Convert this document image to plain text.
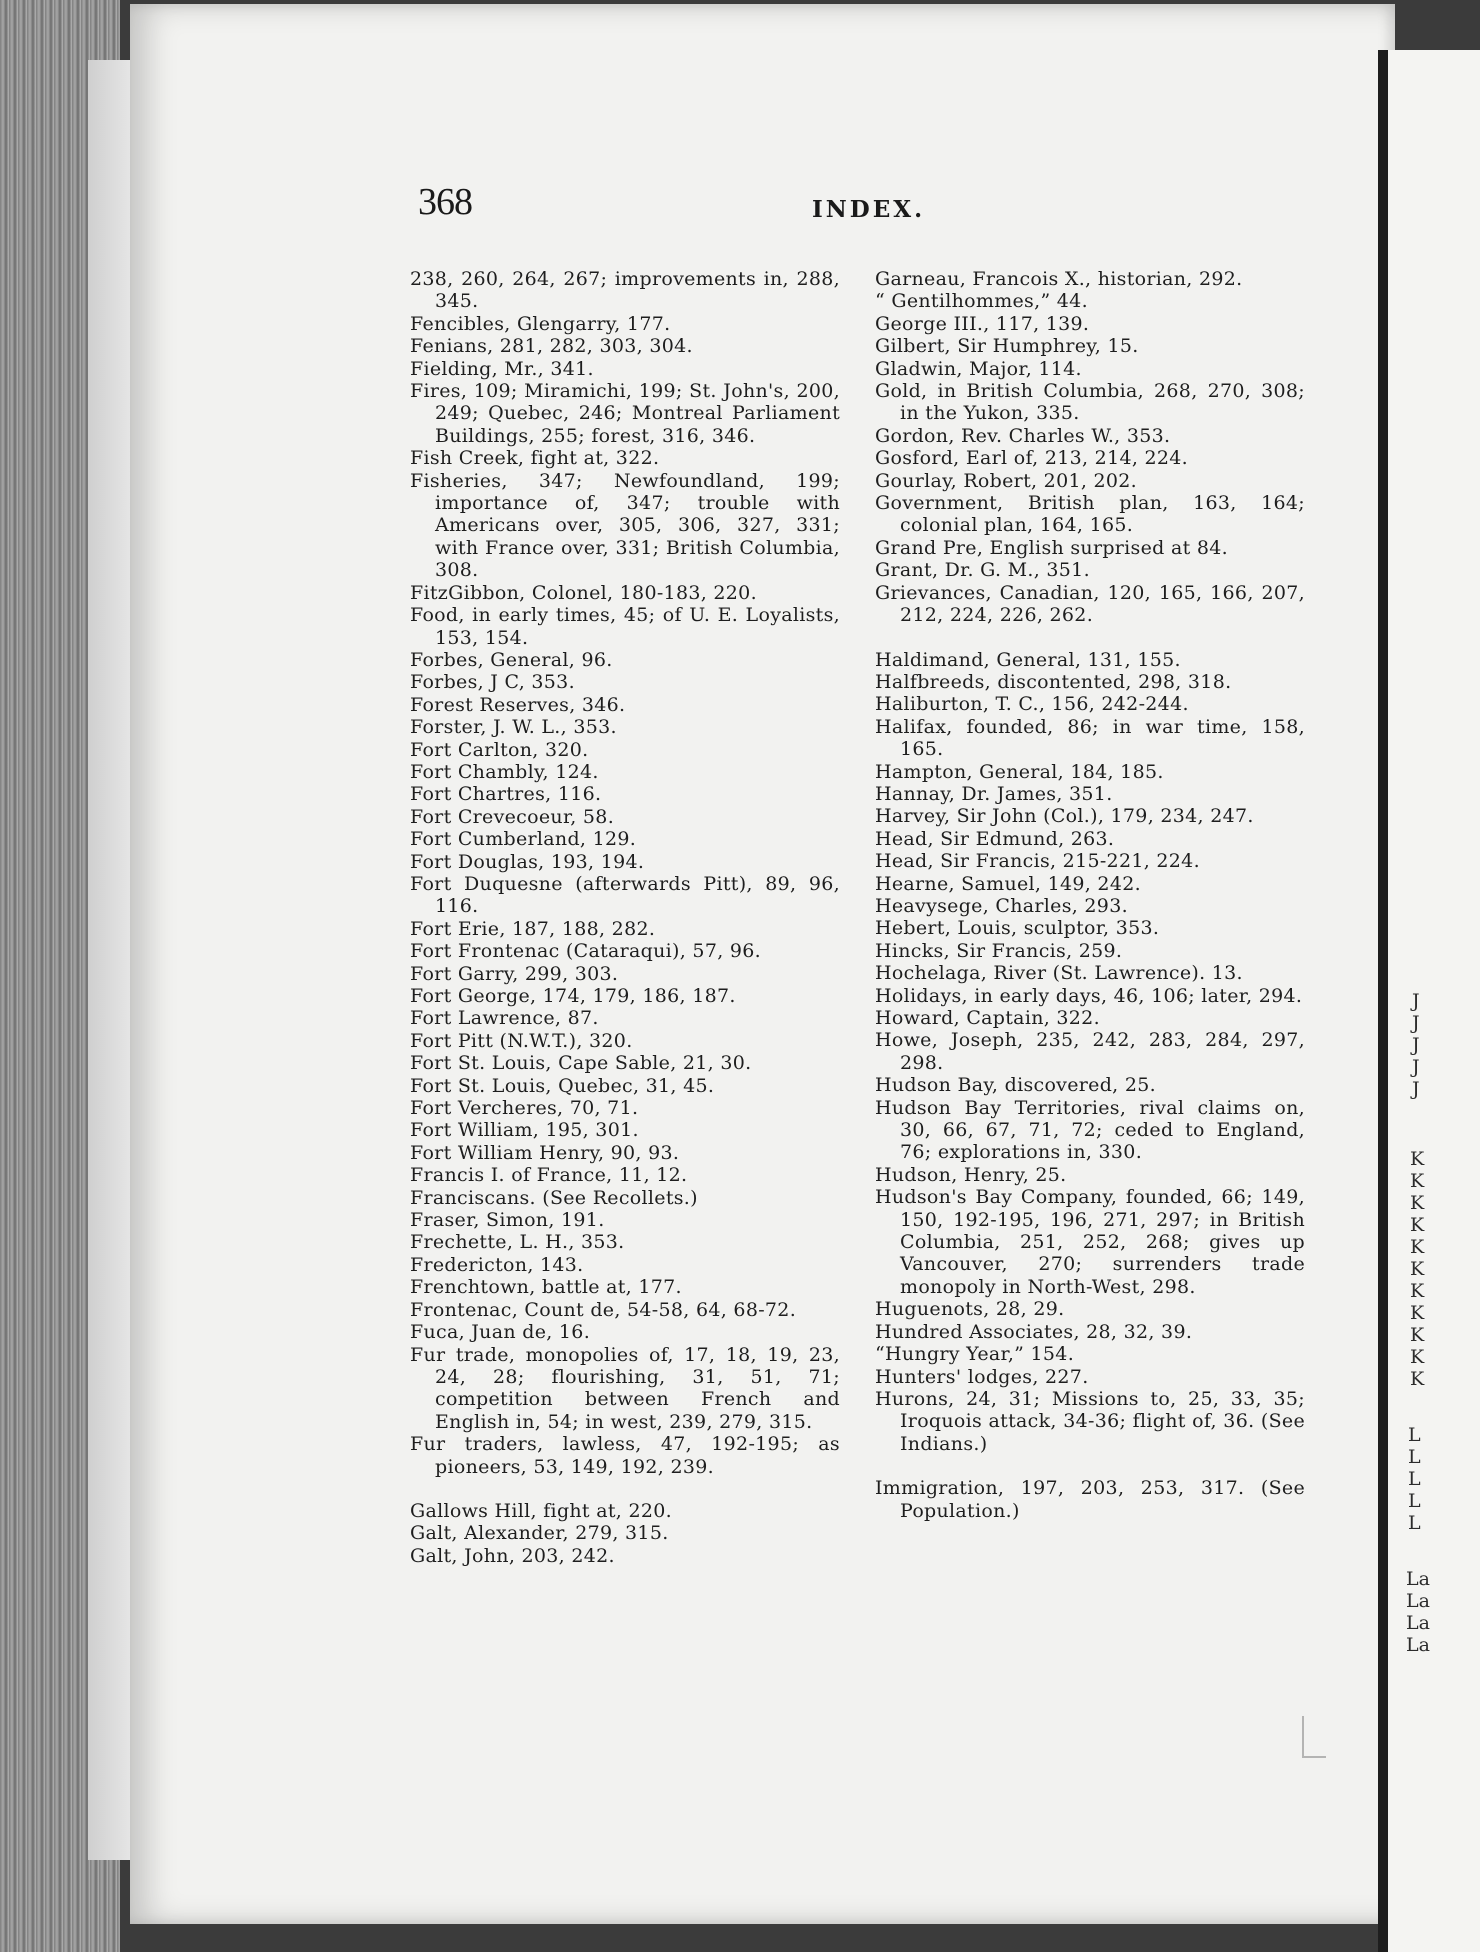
J
J
J
J
J
K
K
K
K
K
K
K
K
K
K
K
L
L
L
L
L
La
La
La
La
368	INDEX.

238, 260, 264, 267; improvements in, 288, 345.

Fencibles, Glengarry, 177.

Fenians, 281, 282, 303, 304.

Fielding, Mr., 341.

Fires, 109; Miramichi, 199; St. John's, 200, 249; Quebec, 246; Montreal Parliament Buildings, 255; forest, 316, 346.

Fish Creek, fight at, 322.

Fisheries, 347; Newfoundland, 199; importance of, 347; trouble with Americans over, 305, 306, 327, 331; with France over, 331; British Columbia, 308.

FitzGibbon, Colonel, 180-183, 220.

Food, in early times, 45; of U. E. Loyalists, 153, 154.

Forbes, General, 96.

Forbes, J C, 353.

Forest Reserves, 346.

Forster, J. W. L., 353.

Fort Carlton, 320.

Fort Chambly, 124.

Fort Chartres, 116.

Fort Crevecoeur, 58.

Fort Cumberland, 129.

Fort Douglas, 193, 194.

Fort Duquesne (afterwards Pitt), 89, 96, 116.

Fort Erie, 187, 188, 282.

Fort Frontenac (Cataraqui), 57, 96.

Fort Garry, 299, 303.

Fort George, 174, 179, 186, 187.

Fort Lawrence, 87.

Fort Pitt (N.W.T.), 320.

Fort St. Louis, Cape Sable, 21, 30.

Fort St. Louis, Quebec, 31, 45.

Fort Vercheres, 70, 71.

Fort William, 195, 301.

Fort William Henry, 90, 93.

Francis I. of France, 11, 12.

Franciscans. (See Recollets.)

Fraser, Simon, 191.

Frechette, L. H., 353.

Fredericton, 143.

Frenchtown, battle at, 177.

Frontenac, Count de, 54-58, 64, 68-72.

Fuca, Juan de, 16.

Fur trade, monopolies of, 17, 18, 19, 23, 24, 28; flourishing, 31, 51, 71; competition between French and English in, 54; in west, 239, 279, 315.

Fur traders, lawless, 47, 192-195; as pioneers, 53, 149, 192, 239.

Gallows Hill, fight at, 220.

Galt, Alexander, 279, 315.

Galt, John, 203, 242.

Garneau, Francois X., historian, 292.

“ Gentilhommes,” 44.

George III., 117, 139.

Gilbert, Sir Humphrey, 15.

Gladwin, Major, 114.

Gold, in British Columbia, 268, 270, 308; in the Yukon, 335.

Gordon, Rev. Charles W., 353.

Gosford, Earl of, 213, 214, 224.

Gourlay, Robert, 201, 202.

Government, British plan, 163, 164; colonial plan, 164, 165.

Grand Pre, English surprised at 84.

Grant, Dr. G. M., 351.

Grievances, Canadian, 120, 165, 166, 207, 212, 224, 226, 262.

Haldimand, General, 131, 155.

Halfbreeds, discontented, 298, 318.

Haliburton, T. C., 156, 242-244.

Halifax, founded, 86; in war time, 158, 165.

Hampton, General, 184, 185.

Hannay, Dr. James, 351.

Harvey, Sir John (Col.), 179, 234, 247.

Head, Sir Edmund, 263.

Head, Sir Francis, 215-221, 224.

Hearne, Samuel, 149, 242.

Heavysege, Charles, 293.

Hebert, Louis, sculptor, 353.

Hincks, Sir Francis, 259.

Hochelaga, River (St. Lawrence). 13.

Holidays, in early days, 46, 106; later, 294.

Howard, Captain, 322.

Howe, Joseph, 235, 242, 283, 284, 297, 298.

Hudson Bay, discovered, 25.

Hudson Bay Territories, rival claims on, 30, 66, 67, 71, 72; ceded to England, 76; explorations in, 330.

Hudson, Henry, 25.

Hudson's Bay Company, founded, 66; 149, 150, 192-195, 196, 271, 297; in British Columbia, 251, 252, 268; gives up Vancouver, 270; surrenders trade monopoly in North-West, 298.

Huguenots, 28, 29.

Hundred Associates, 28, 32, 39.

“Hungry Year,” 154.

Hunters' lodges, 227.

Hurons, 24, 31; Missions to, 25, 33, 35; Iroquois attack, 34-36; flight of, 36. (See Indians.)

Immigration, 197, 203, 253, 317. (See Population.)
